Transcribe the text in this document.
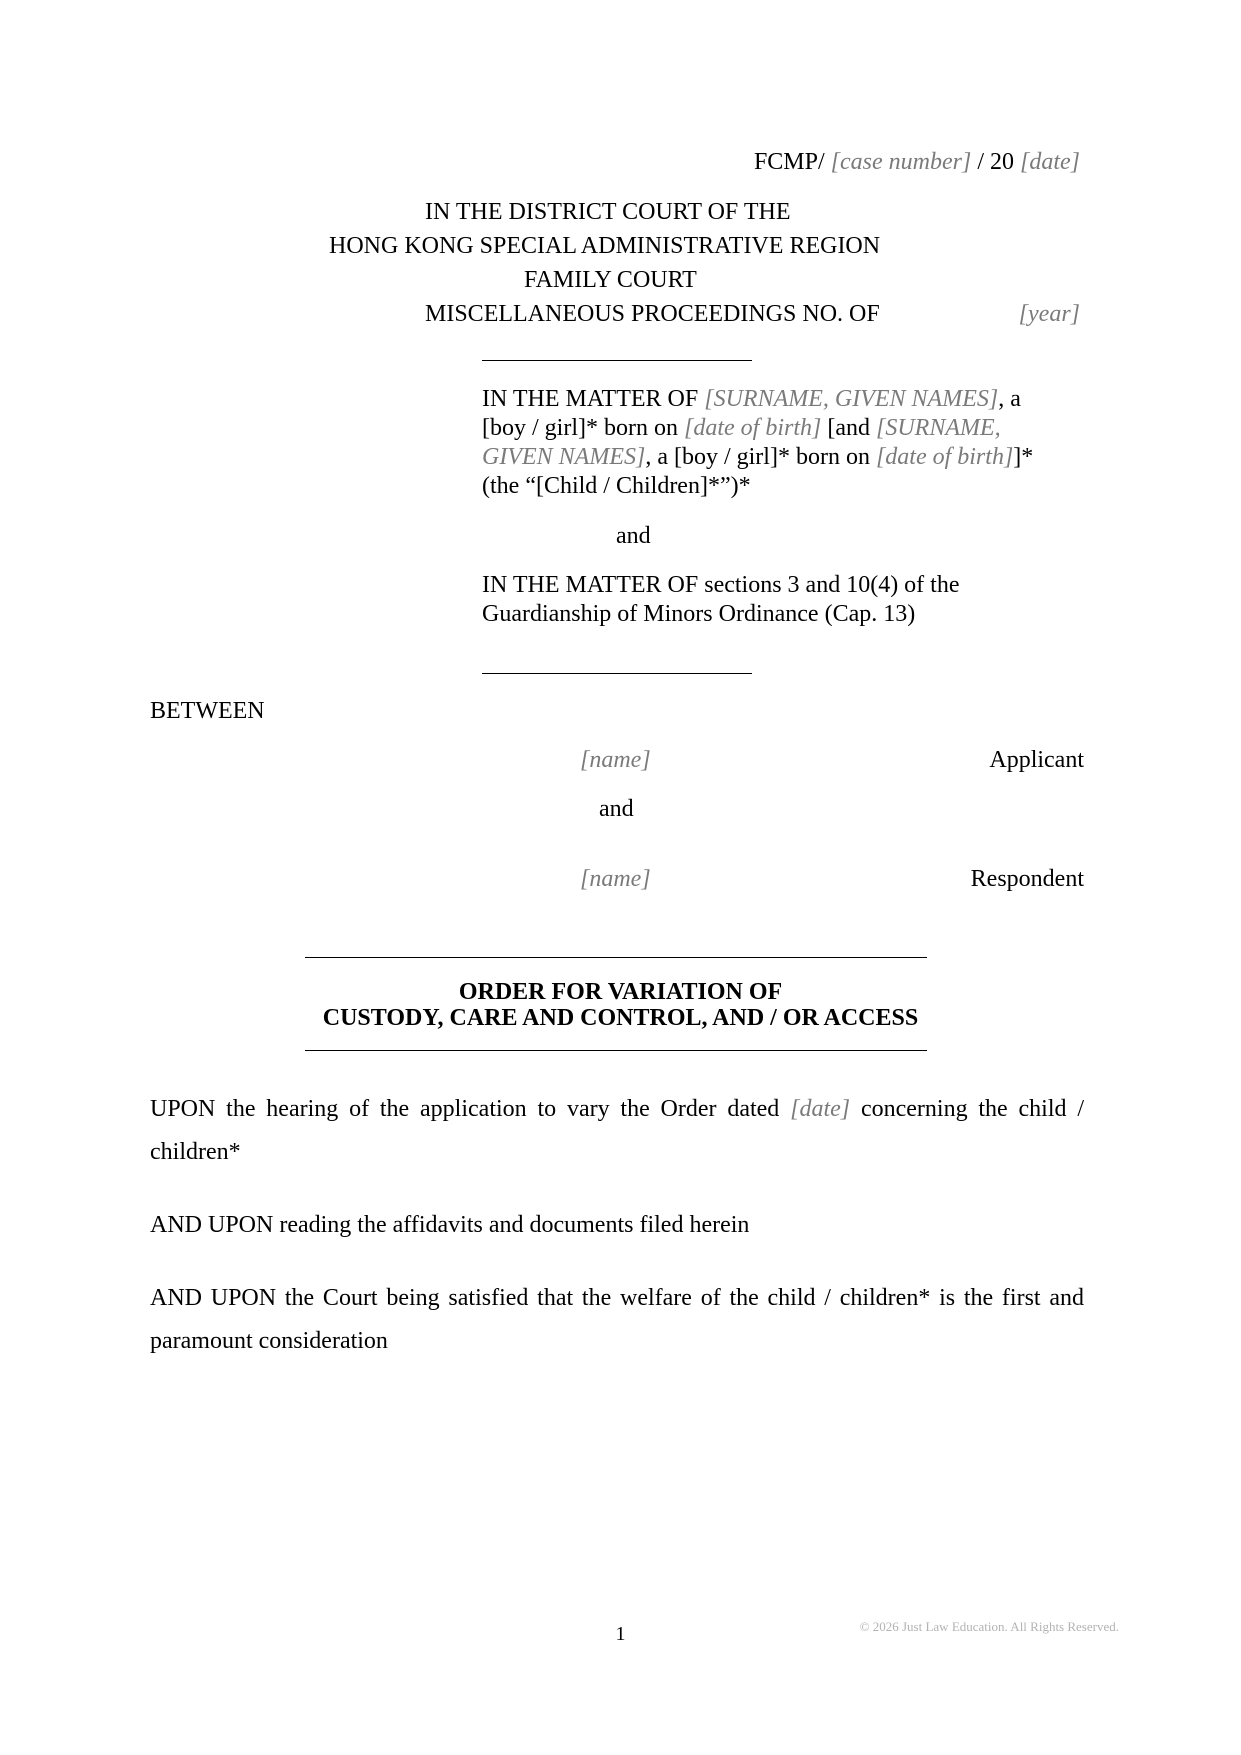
FCMP/ [case number] / 20 [date]
IN THE DISTRICT COURT OF THE
HONG KONG SPECIAL ADMINISTRATIVE REGION
FAMILY COURT
MISCELLANEOUS PROCEEDINGS NO. OF	[year]

IN THE MATTER OF [SURNAME, GIVEN NAMES], a [boy / girl]* born on [date of birth] [and [SURNAME, GIVEN NAMES], a [boy / girl]* born on [date of birth]]* (the “[Child / Children]*”)*

and

IN THE MATTER OF sections 3 and 10(4) of the Guardianship of Minors Ordinance (Cap. 13)

BETWEEN
[name]	Applicant
and
[name]	Respondent
ORDER FOR VARIATION OF
CUSTODY, CARE AND CONTROL, AND / OR ACCESS
UPON the hearing of the application to vary the Order dated [date] concerning the child / children*
AND UPON reading the affidavits and documents filed herein
AND UPON the Court being satisfied that the welfare of the child / children* is the first and paramount consideration
1	© 2026 Just Law Education. All Rights Reserved.
